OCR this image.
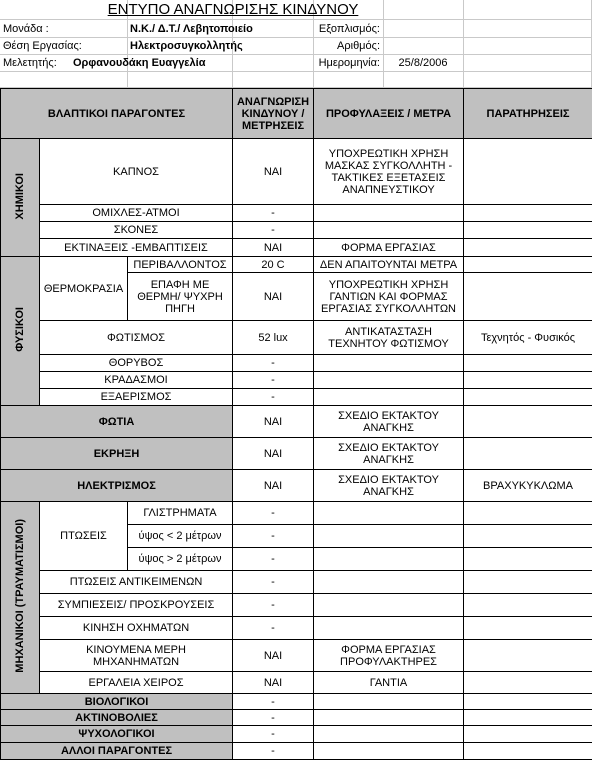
ΕΝΤΥΠΟ ΑΝΑΓΝΩΡΙΣΗΣ ΚΙΝΔΥΝΟΥ
Μονάδα :	Ν.Κ./ Δ.Τ./ Λεβητοποιείο	Εξοπλισμός:
Θέση Εργασίας:	Ηλεκτροσυγκολλητής	Αριθμός:
Μελετητής: Ορφανουδάκη Ευαγγελία	Ημερομηνία:	25/8/2006
ΒΛΑΠΤΙΚΟΙ ΠΑΡΑΓΟΝΤΕΣ			ΑΝΑΓΝΩΡΙΣΗ ΚΙΝΔΥΝΟΥ / ΜΕΤΡΗΣΕΙΣ	ΠΡΟΦΥΛΑΞΕΙΣ / ΜΕΤΡΑ	ΠΑΡΑΤΗΡΗΣΕΙΣ
ΧΗΜΙΚΟΙ	ΚΑΠΝΟΣ		ΝΑΙ	ΥΠΟΧΡΕΩΤΙΚΗ ΧΡΗΣΗ ΜΑΣΚΑΣ ΣΥΓΚΟΛΛΗΤΗ - ΤΑΚΤΙΚΕΣ ΕΞΕΤΑΣΕΙΣ ΑΝΑΠΝΕΥΣΤΙΚΟΥ	
	ΟΜΙΧΛΕΣ-ΑΤΜΟΙ		-		
	ΣΚΟΝΕΣ		-		
	ΕΚΤΙΝΑΞΕΙΣ -ΕΜΒΑΠΤΙΣΕΙΣ		ΝΑΙ	ΦΟΡΜΑ ΕΡΓΑΣΙΑΣ	
ΦΥΣΙΚΟΙ	ΘΕΡΜΟΚΡΑΣΙΑ	ΠΕΡΙΒΑΛΛΟΝΤΟΣ	20 C	ΔΕΝ ΑΠΑΙΤΟΥΝΤΑΙ ΜΕΤΡΑ	
		ΕΠΑΦΗ ΜΕ ΘΕΡΜΗ/ ΨΥΧΡΗ ΠΗΓΗ	ΝΑΙ	ΥΠΟΧΡΕΩΤΙΚΗ ΧΡΗΣΗ ΓΑΝΤΙΩΝ ΚΑΙ ΦΟΡΜΑΣ ΕΡΓΑΣΙΑΣ ΣΥΓΚΟΛΛΗΤΩΝ	
	ΦΩΤΙΣΜΟΣ		52 lux	ΑΝΤΙΚΑΤΑΣΤΑΣΗ ΤΕΧΝΗΤΟΥ ΦΩΤΙΣΜΟΥ	Τεχνητός - Φυσικός
	ΘΟΡΥΒΟΣ		-		
	ΚΡΑΔΑΣΜΟΙ		-		
	ΕΞΑΕΡΙΣΜΟΣ		-		
ΦΩΤΙΑ			ΝΑΙ	ΣΧΕΔΙΟ ΕΚΤΑΚΤΟΥ ΑΝΑΓΚΗΣ	
ΕΚΡΗΞΗ			ΝΑΙ	ΣΧΕΔΙΟ ΕΚΤΑΚΤΟΥ ΑΝΑΓΚΗΣ	
ΗΛΕΚΤΡΙΣΜΟΣ			ΝΑΙ	ΣΧΕΔΙΟ ΕΚΤΑΚΤΟΥ ΑΝΑΓΚΗΣ	ΒΡΑΧΥΚΥΚΛΩΜΑ
ΜΗΧΑΝΙΚΟΙ (ΤΡΑΥΜΑΤΙΣΜΟΙ)	ΠΤΩΣΕΙΣ	ΓΛΙΣΤΡΗΜΑΤΑ	-		
		ύψος < 2 μέτρων	-		
		ύψος > 2 μέτρων	-		
	ΠΤΩΣΕΙΣ ΑΝΤΙΚΕΙΜΕΝΩΝ		-		
	ΣΥΜΠΙΕΣΕΙΣ/ ΠΡΟΣΚΡΟΥΣΕΙΣ		-		
	ΚΙΝΗΣΗ ΟΧΗΜΑΤΩΝ		-		
	ΚΙΝΟΥΜΕΝΑ ΜΕΡΗ ΜΗΧΑΝΗΜΑΤΩΝ		ΝΑΙ	ΦΟΡΜΑ ΕΡΓΑΣΙΑΣ ΠΡΟΦΥΛΑΚΤΗΡΕΣ	
	ΕΡΓΑΛΕΙΑ ΧΕΙΡΟΣ		ΝΑΙ	ΓΑΝΤΙΑ	
ΒΙΟΛΟΓΙΚΟΙ			-		
ΑΚΤΙΝΟΒΟΛΙΕΣ			-		
ΨΥΧΟΛΟΓΙΚΟΙ			-		
ΑΛΛΟΙ ΠΑΡΑΓΟΝΤΕΣ			-		
